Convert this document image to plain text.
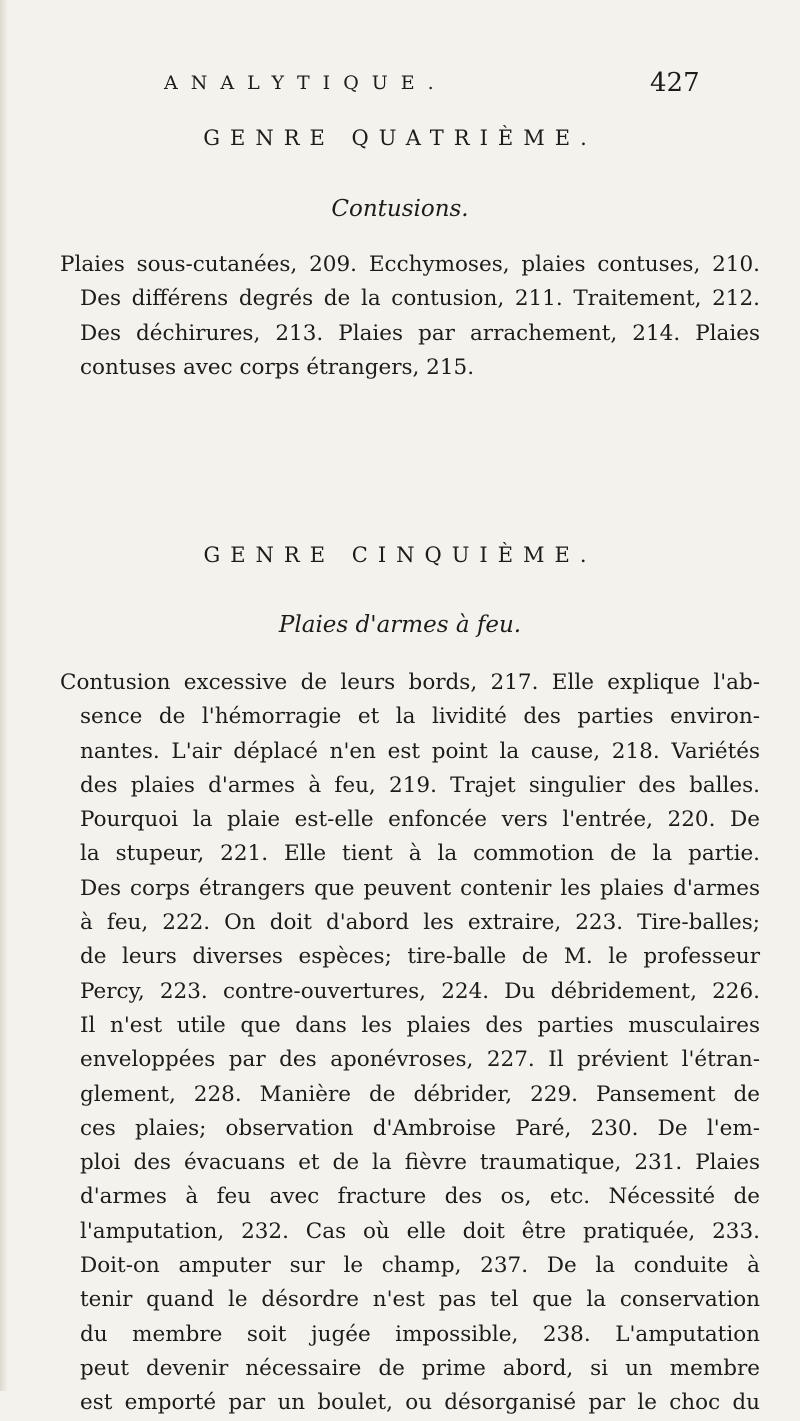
ANALYTIQUE.	427
GENRE QUATRIÈME.
Contusions.
Plaies sous-cutanées, 209. Ecchymoses, plaies contuses, 210.
Des différens degrés de la contusion, 211. Traitement, 212.
Des déchirures, 213. Plaies par arrachement, 214. Plaies
contuses avec corps étrangers, 215.
GENRE CINQUIÈME.
Plaies d'armes à feu.
Contusion excessive de leurs bords, 217. Elle explique l'ab-
sence de l'hémorragie et la lividité des parties environ-
nantes. L'air déplacé n'en est point la cause, 218. Variétés
des plaies d'armes à feu, 219. Trajet singulier des balles.
Pourquoi la plaie est-elle enfoncée vers l'entrée, 220. De
la stupeur, 221. Elle tient à la commotion de la partie.
Des corps étrangers que peuvent contenir les plaies d'armes
à feu, 222. On doit d'abord les extraire, 223. Tire-balles;
de leurs diverses espèces; tire-balle de M. le professeur
Percy, 223. contre-ouvertures, 224. Du débridement, 226.
Il n'est utile que dans les plaies des parties musculaires
enveloppées par des aponévroses, 227. Il prévient l'étran-
glement, 228. Manière de débrider, 229. Pansement de
ces plaies; observation d'Ambroise Paré, 230. De l'em-
ploi des évacuans et de la fièvre traumatique, 231. Plaies
d'armes à feu avec fracture des os, etc. Nécessité de
l'amputation, 232. Cas où elle doit être pratiquée, 233.
Doit-on amputer sur le champ, 237. De la conduite à
tenir quand le désordre n'est pas tel que la conservation
du membre soit jugée impossible, 238. L'amputation
peut devenir nécessaire de prime abord, si un membre
est emporté par un boulet, ou désorganisé par le choc du
